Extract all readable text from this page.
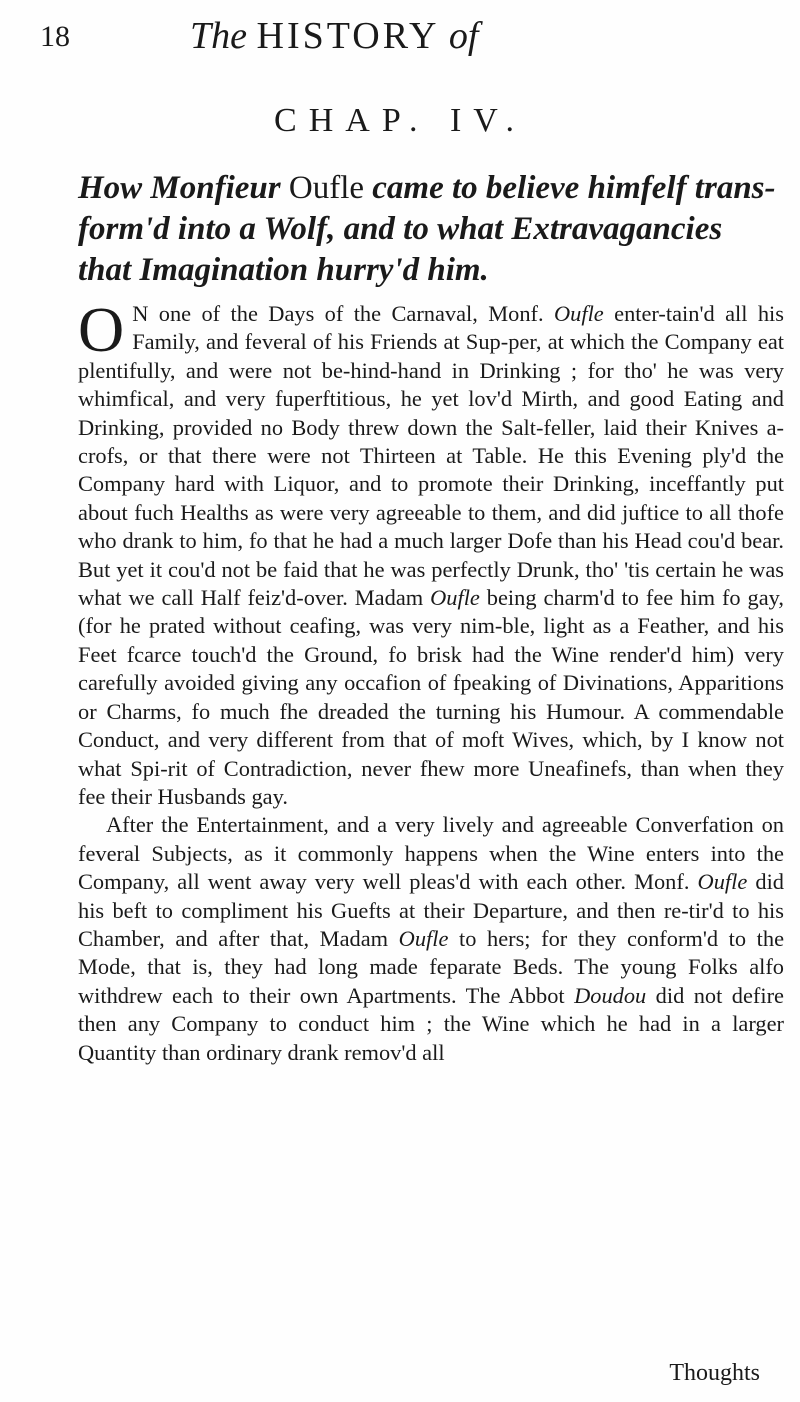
18	The HISTORY of
CHAP. IV.
How Monfieur Oufle came to believe himfelf trans- form'd into a Wolf, and to what Extravagancies that Imagination hurry'd him.

O N one of the Days of the Carnaval, Monf. Oufle enter-tain'd all his Family, and feveral of his Friends at Sup-per, at which the Company eat plentifully, and were not be-hind-hand in Drinking ; for tho' he was very whimfical, and very fuperftitious, he yet lov'd Mirth, and good Eating and Drinking, provided no Body threw down the Salt-feller, laid their Knives a-crofs, or that there were not Thirteen at Table. He this Evening ply'd the Company hard with Liquor, and to promote their Drinking, inceffantly put about fuch Healths as were very agreeable to them, and did juftice to all thofe who drank to him, fo that he had a much larger Dofe than his Head cou'd bear. But yet it cou'd not be faid that he was perfectly Drunk, tho' 'tis certain he was what we call Half feiz'd-over. Madam Oufle being charm'd to fee him fo gay, (for he prated without ceafing, was very nim-ble, light as a Feather, and his Feet fcarce touch'd the Ground, fo brisk had the Wine render'd him) very carefully avoided giving any occafion of fpeaking of Divinations, Apparitions or Charms, fo much fhe dreaded the turning his Humour. A commendable Conduct, and very different from that of moft Wives, which, by I know not what Spi-rit of Contradiction, never fhew more Uneafinefs, than when they fee their Husbands gay.

After the Entertainment, and a very lively and agreeable Converfation on feveral Subjects, as it commonly happens when the Wine enters into the Company, all went away very well pleas'd with each other. Monf. Oufle did his beft to compliment his Guefts at their Departure, and then re-tir'd to his Chamber, and after that, Madam Oufle to hers; for they conform'd to the Mode, that is, they had long made feparate Beds. The young Folks alfo withdrew each to their own Apartments. The Abbot Doudou did not defire then any Company to conduct him ; the Wine which he had in a larger Quantity than ordinary drank remov'd all

Thoughts
